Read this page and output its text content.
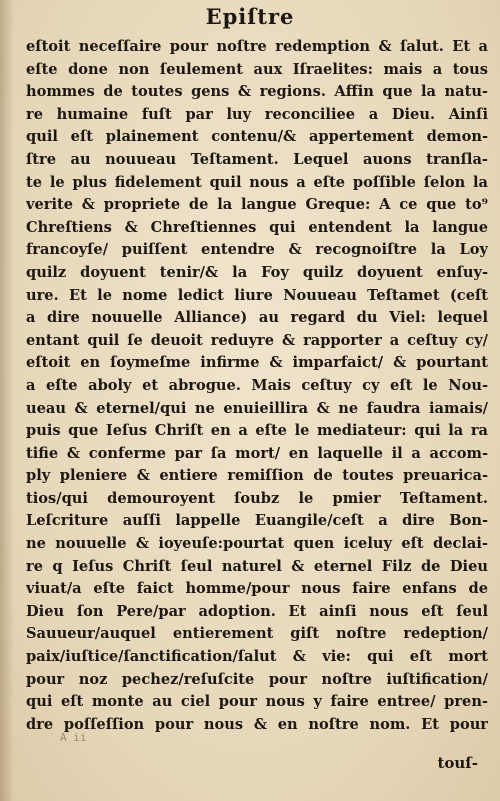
Epiſtre
eſtoit neceſſaire pour noſtre redemption & ſalut. Et a
eſte done non ſeulement aux Iſraelites: mais a tous
hommes de toutes gens & regions. Affin que la natu-
re humaine fuſt par luy reconciliee a Dieu. Ainſi
quil eſt plainement contenu/& appertement demon-
ſtre au nouueau Teſtament. Lequel auons tranſla-
te le plus fidelement quil nous a eſte poſſible ſelon la
verite & propriete de la langue Greque: A ce que to⁹
Chreſtiens & Chreſtiennes qui entendent la langue
francoyſe/ puiſſent entendre & recognoiſtre la Loy
quilz doyuent tenir/& la Foy quilz doyuent enſuy-
ure. Et le nome ledict liure Nouueau Teſtamet (ceſt
a dire nouuelle Alliance) au regard du Viel: lequel
entant quil ſe deuoit reduyre & rapporter a ceſtuy cy/
eſtoit en ſoymeſme infirme & imparfaict/ & pourtant
a eſte aboly et abrogue. Mais ceſtuy cy eſt le Nou-
ueau & eternel/qui ne enuieillira & ne faudra iamais/
puis que Ieſus Chriſt en a eſte le mediateur: qui la ra
tifie & conferme par ſa mort/ en laquelle il a accom-
ply pleniere & entiere remiſſion de toutes preuarica-
tios/qui demouroyent ſoubz le pmier Teſtament.
Leſcriture auſſi lappelle Euangile/ceſt a dire Bon-
ne nouuelle & ioyeuſe:pourtat quen iceluy eſt declai-
re q Ieſus Chriſt ſeul naturel & eternel Filz de Dieu
viuat/a eſte faict homme/pour nous faire enfans de
Dieu ſon Pere/par adoption. Et ainſi nous eſt ſeul
Sauueur/auquel entierement giſt noſtre redeption/
paix/iuſtice/ſanctification/ſalut & vie: qui eſt mort
pour noz pechez/reſuſcite pour noſtre iuſtification/
qui eſt monte au ciel pour nous y faire entree/ pren-
dre poſſeſſion pour nous & en noſtre nom. Et pour
A ii
touſ-
